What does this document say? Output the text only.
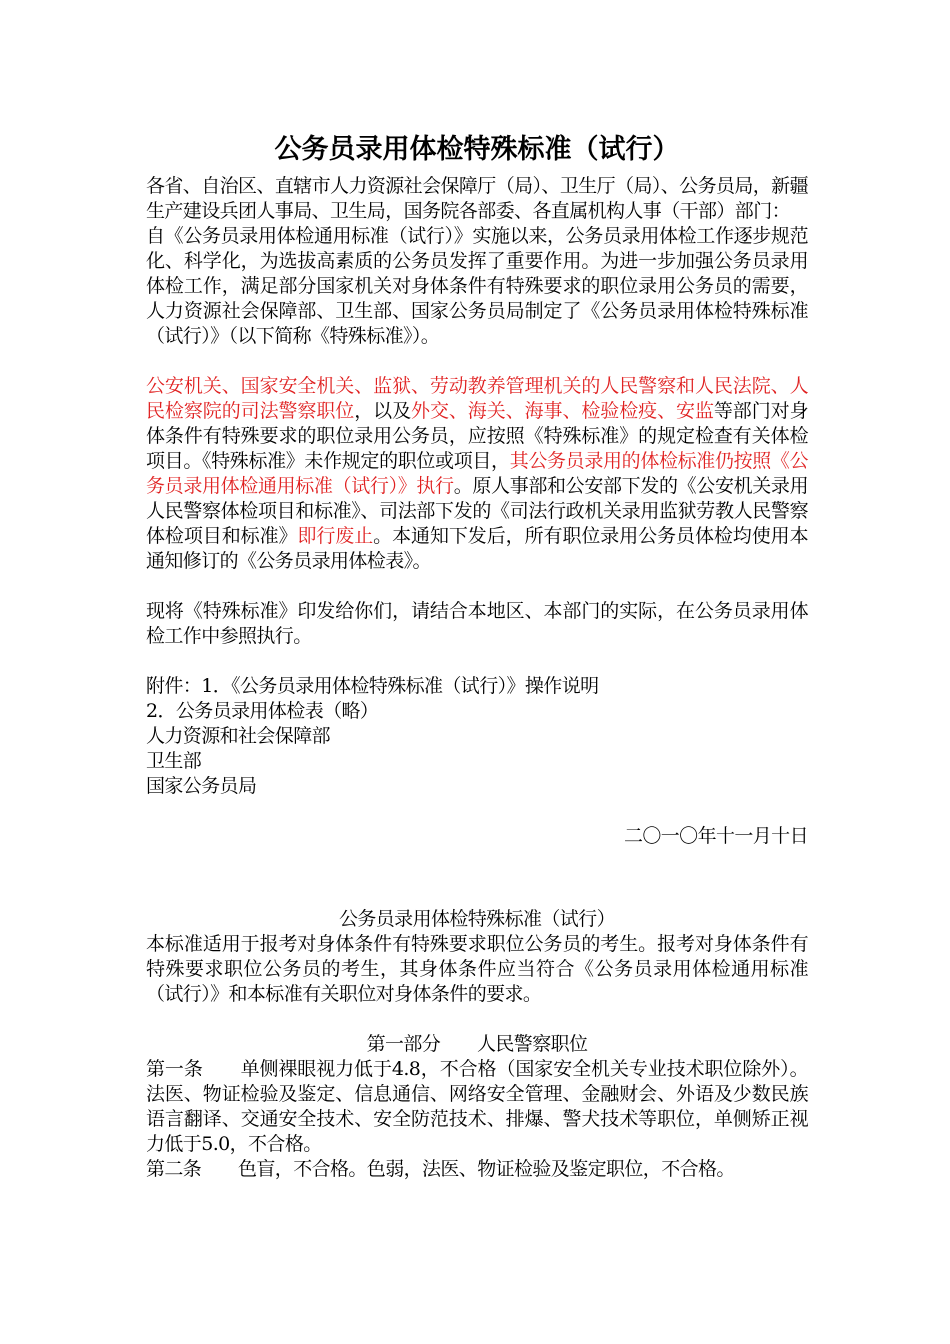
公务员录用体检特殊标准（试行）

各省、自治区、直辖市人力资源社会保障厅（局）、卫生厅（局）、公务员局，新疆生产建设兵团人事局、卫生局，国务院各部委、各直属机构人事（干部）部门：

自《公务员录用体检通用标准（试行）》实施以来，公务员录用体检工作逐步规范化、科学化，为选拔高素质的公务员发挥了重要作用。为进一步加强公务员录用体检工作，满足部分国家机关对身体条件有特殊要求的职位录用公务员的需要，人力资源社会保障部、卫生部、国家公务员局制定了《公务员录用体检特殊标准（试行）》（以下简称《特殊标准》）。

公安机关、国家安全机关、监狱、劳动教养管理机关的人民警察和人民法院、人民检察院的司法警察职位，以及外交、海关、海事、检验检疫、安监等部门对身体条件有特殊要求的职位录用公务员，应按照《特殊标准》的规定检查有关体检项目。《特殊标准》未作规定的职位或项目，其公务员录用的体检标准仍按照《公务员录用体检通用标准（试行）》执行。原人事部和公安部下发的《公安机关录用人民警察体检项目和标准》、司法部下发的《司法行政机关录用监狱劳教人民警察体检项目和标准》即行废止。本通知下发后，所有职位录用公务员体检均使用本通知修订的《公务员录用体检表》。

现将《特殊标准》印发给你们，请结合本地区、本部门的实际，在公务员录用体检工作中参照执行。

附件：1．《公务员录用体检特殊标准（试行）》操作说明

2．公务员录用体检表（略）

人力资源和社会保障部

卫生部

国家公务员局

二〇一〇年十一月十日

公务员录用体检特殊标准（试行）

本标准适用于报考对身体条件有特殊要求职位公务员的考生。报考对身体条件有特殊要求职位公务员的考生，其身体条件应当符合《公务员录用体检通用标准（试行）》和本标准有关职位对身体条件的要求。

第一部分　　人民警察职位

第一条　　单侧裸眼视力低于4.8，不合格（国家安全机关专业技术职位除外）。法医、物证检验及鉴定、信息通信、网络安全管理、金融财会、外语及少数民族语言翻译、交通安全技术、安全防范技术、排爆、警犬技术等职位，单侧矫正视力低于5.0，不合格。

第二条　　色盲，不合格。色弱，法医、物证检验及鉴定职位，不合格。
